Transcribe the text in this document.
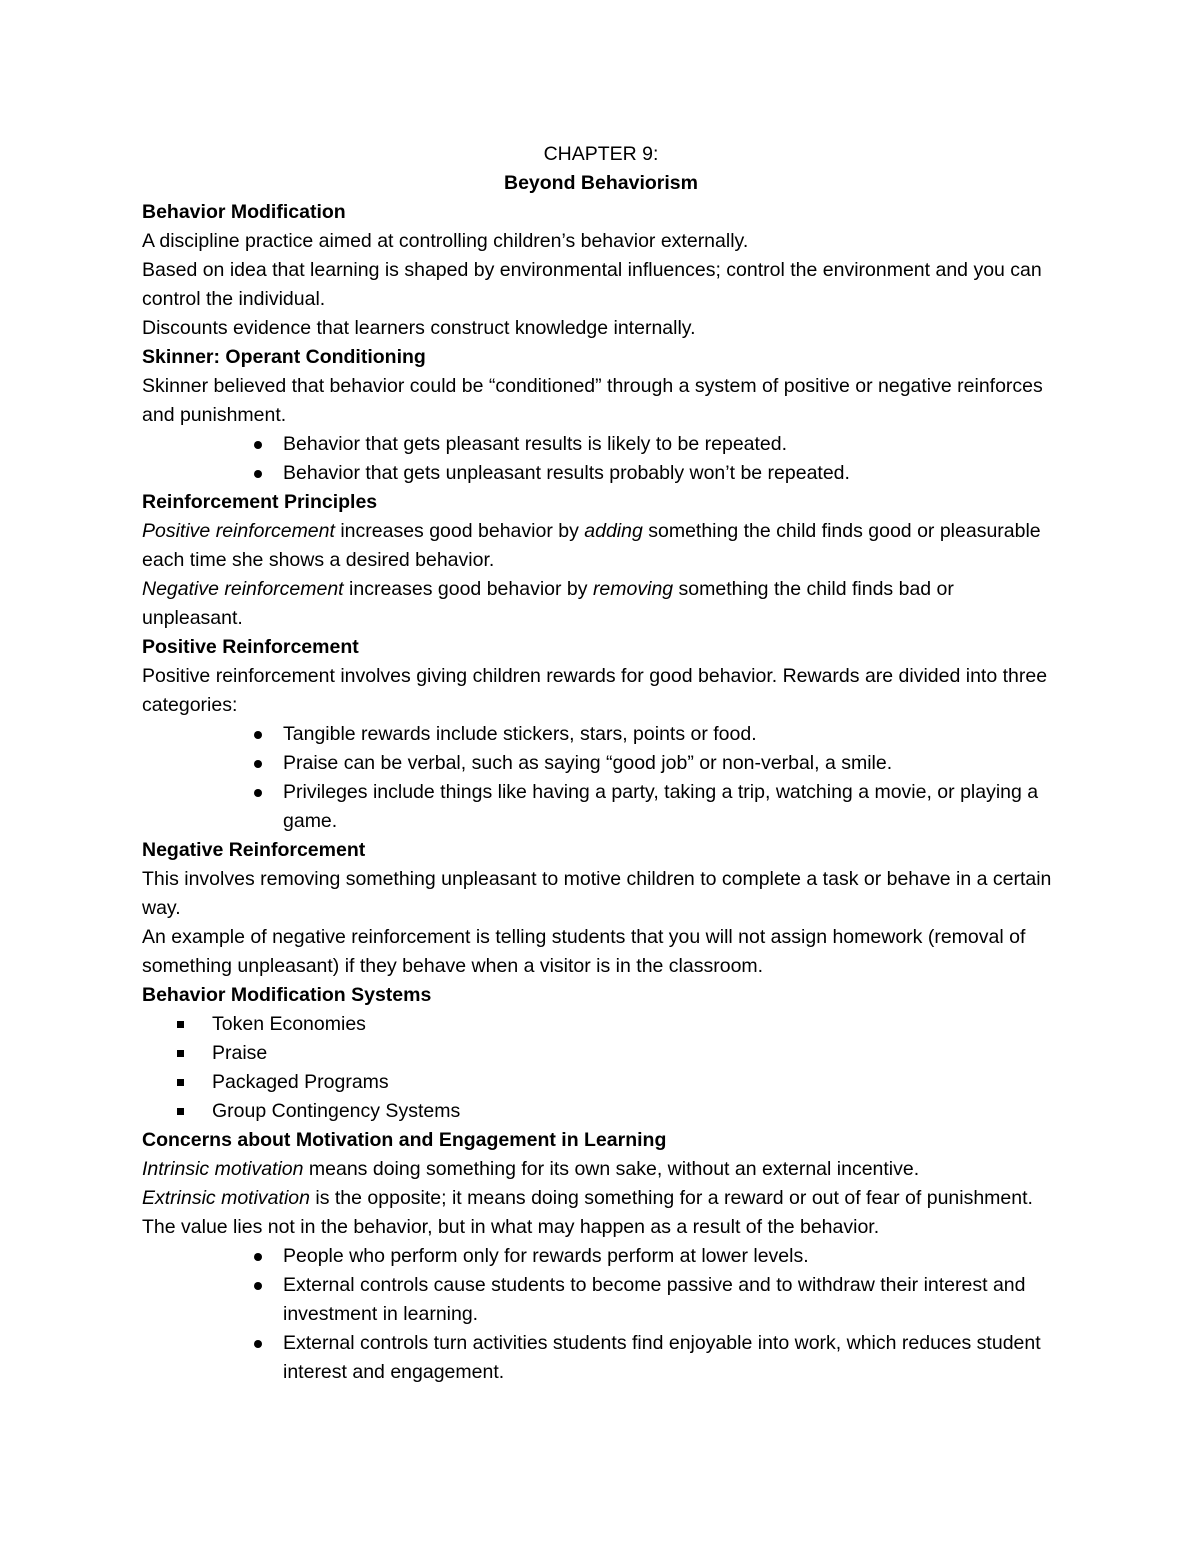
CHAPTER 9:
Beyond Behaviorism
Behavior Modification

A discipline practice aimed at controlling children’s behavior externally.

Based on idea that learning is shaped by environmental influences; control the environment and you can control the individual.

Discounts evidence that learners construct knowledge internally.

Skinner: Operant Conditioning

Skinner believed that behavior could be “conditioned” through a system of positive or negative reinforces and punishment.

Behavior that gets pleasant results is likely to be repeated.
Behavior that gets unpleasant results probably won’t be repeated.
Reinforcement Principles

Positive reinforcement increases good behavior by adding something the child finds good or pleasurable each time she shows a desired behavior.

Negative reinforcement increases good behavior by removing something the child finds bad or unpleasant.

Positive Reinforcement

Positive reinforcement involves giving children rewards for good behavior. Rewards are divided into three categories:

Tangible rewards include stickers, stars, points or food.
Praise can be verbal, such as saying “good job” or non-verbal, a smile.
Privileges include things like having a party, taking a trip, watching a movie, or playing a game.
Negative Reinforcement

This involves removing something unpleasant to motive children to complete a task or behave in a certain way.

An example of negative reinforcement is telling students that you will not assign homework (removal of something unpleasant) if they behave when a visitor is in the classroom.

Behavior Modification Systems
Token Economies
Praise
Packaged Programs
Group Contingency Systems
Concerns about Motivation and Engagement in Learning

Intrinsic motivation means doing something for its own sake, without an external incentive.

Extrinsic motivation is the opposite; it means doing something for a reward or out of fear of punishment. The value lies not in the behavior, but in what may happen as a result of the behavior.

People who perform only for rewards perform at lower levels.
External controls cause students to become passive and to withdraw their interest and investment in learning.
External controls turn activities students find enjoyable into work, which reduces student interest and engagement.
